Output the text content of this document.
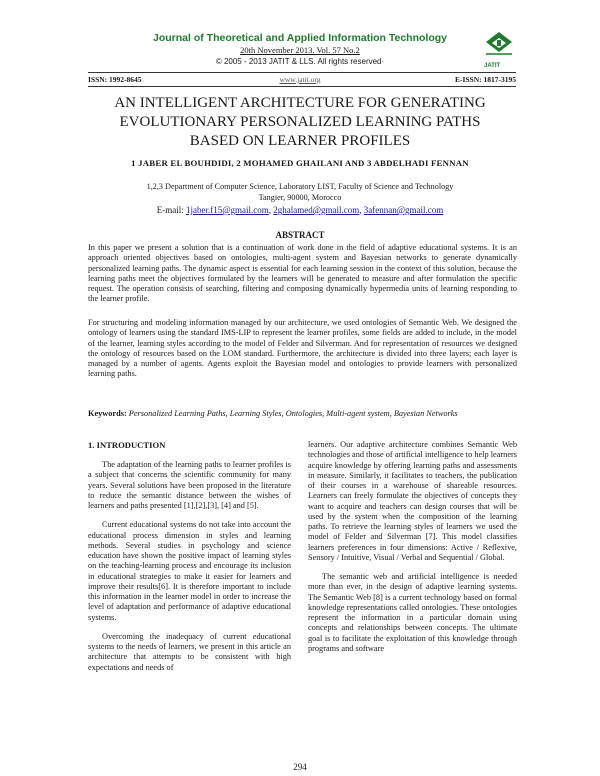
Journal of Theoretical and Applied Information Technology
20th November 2013. Vol. 57 No.2
© 2005 - 2013 JATIT & LLS. All rights reserved·	JATIT
ISSN: 1992-8645	www.jatit.org	E-ISSN: 1817-3195
AN INTELLIGENT ARCHITECTURE FOR GENERATING
EVOLUTIONARY PERSONALIZED LEARNING PATHS
BASED ON LEARNER PROFILES
1 JABER EL BOUHDIDI, 2 MOHAMED GHAILANI AND 3 ABDELHADI FENNAN
1,2,3 Department of Computer Science, Laboratory LIST, Faculty of Science and Technology
Tangier, 90000, Morocco
E-mail: 1jaber.f15@gmail.com, 2ghalamed@gmail.com, 3afennan@gmail.com
ABSTRACT
In this paper we present a solution that is a continuation of work done in the field of adaptive educational systems. It is an approach oriented objectives based on ontologies, multi-agent system and Bayesian networks to generate dynamically personalized learning paths. The dynamic aspect is essential for each learning session in the context of this solution, because the learning paths meet the objectives formulated by the learners will be generated to measure and after formulation the specific request. The operation consists of searching, filtering and composing dynamically hypermedia units of learning responding to the learner profile.
For structuring and modeling information managed by our architecture, we used ontologies of Semantic Web. We designed the ontology of learners using the standard IMS-LIP to represent the learner profiles, some fields are added to include, in the model of the learner, learning styles according to the model of Felder and Silverman. And for representation of resources we designed the ontology of resources based on the LOM standard. Furthermore, the architecture is divided into three layers; each layer is managed by a number of agents. Agents exploit the Bayesian model and ontologies to provide learners with personalized learning paths.
Keywords: Personalized Learning Paths, Learning Styles, Ontologies, Multi-agent system, Bayesian Networks
1. INTRODUCTION

The adaptation of the learning paths to learner profiles is a subject that concerns the scientific community for many years. Several solutions have been proposed in the literature to reduce the semantic distance between the wishes of learners and paths presented [1],[2],[3], [4] and [5].

Current educational systems do not take into account the educational process dimension in styles and learning methods. Several studies in psychology and science education have shown the positive impact of learning styles on the teaching-learning process and encourage its inclusion in educational strategies to make it easier for learners and improve their results[6]. It is therefore important to include this information in the learner model in order to increase the level of adaptation and performance of adaptive educational systems.

Overcoming the inadequacy of current educational systems to the needs of learners, we present in this article an architecture that attempts to be consistent with high expectations and needs of

learners. Our adaptive architecture combines Semantic Web technologies and those of artificial intelligence to help learners acquire knowledge by offering learning paths and assessments in measure. Similarly, it facilitates to teachers, the publication of their courses in a warehouse of shareable resources. Learners can freely formulate the objectives of concepts they want to acquire and teachers can design courses that will be used by the system when the composition of the learning paths. To retrieve the learning styles of learners we used the model of Felder and Silverman [7]. This model classifies learners preferences in four dimensions: Active / Reflexive, Sensory / Intuitive, Visual / Verbal and Sequential / Global.

The semantic web and artificial intelligence is needed more than ever, in the design of adaptive learning systems. The Semantic Web [8] is a current technology based on formal knowledge representations called ontologies. These ontologies represent the information in a particular domain using concepts and relationships between concepts. The ultimate goal is to facilitate the exploitation of this knowledge through programs and software

294
